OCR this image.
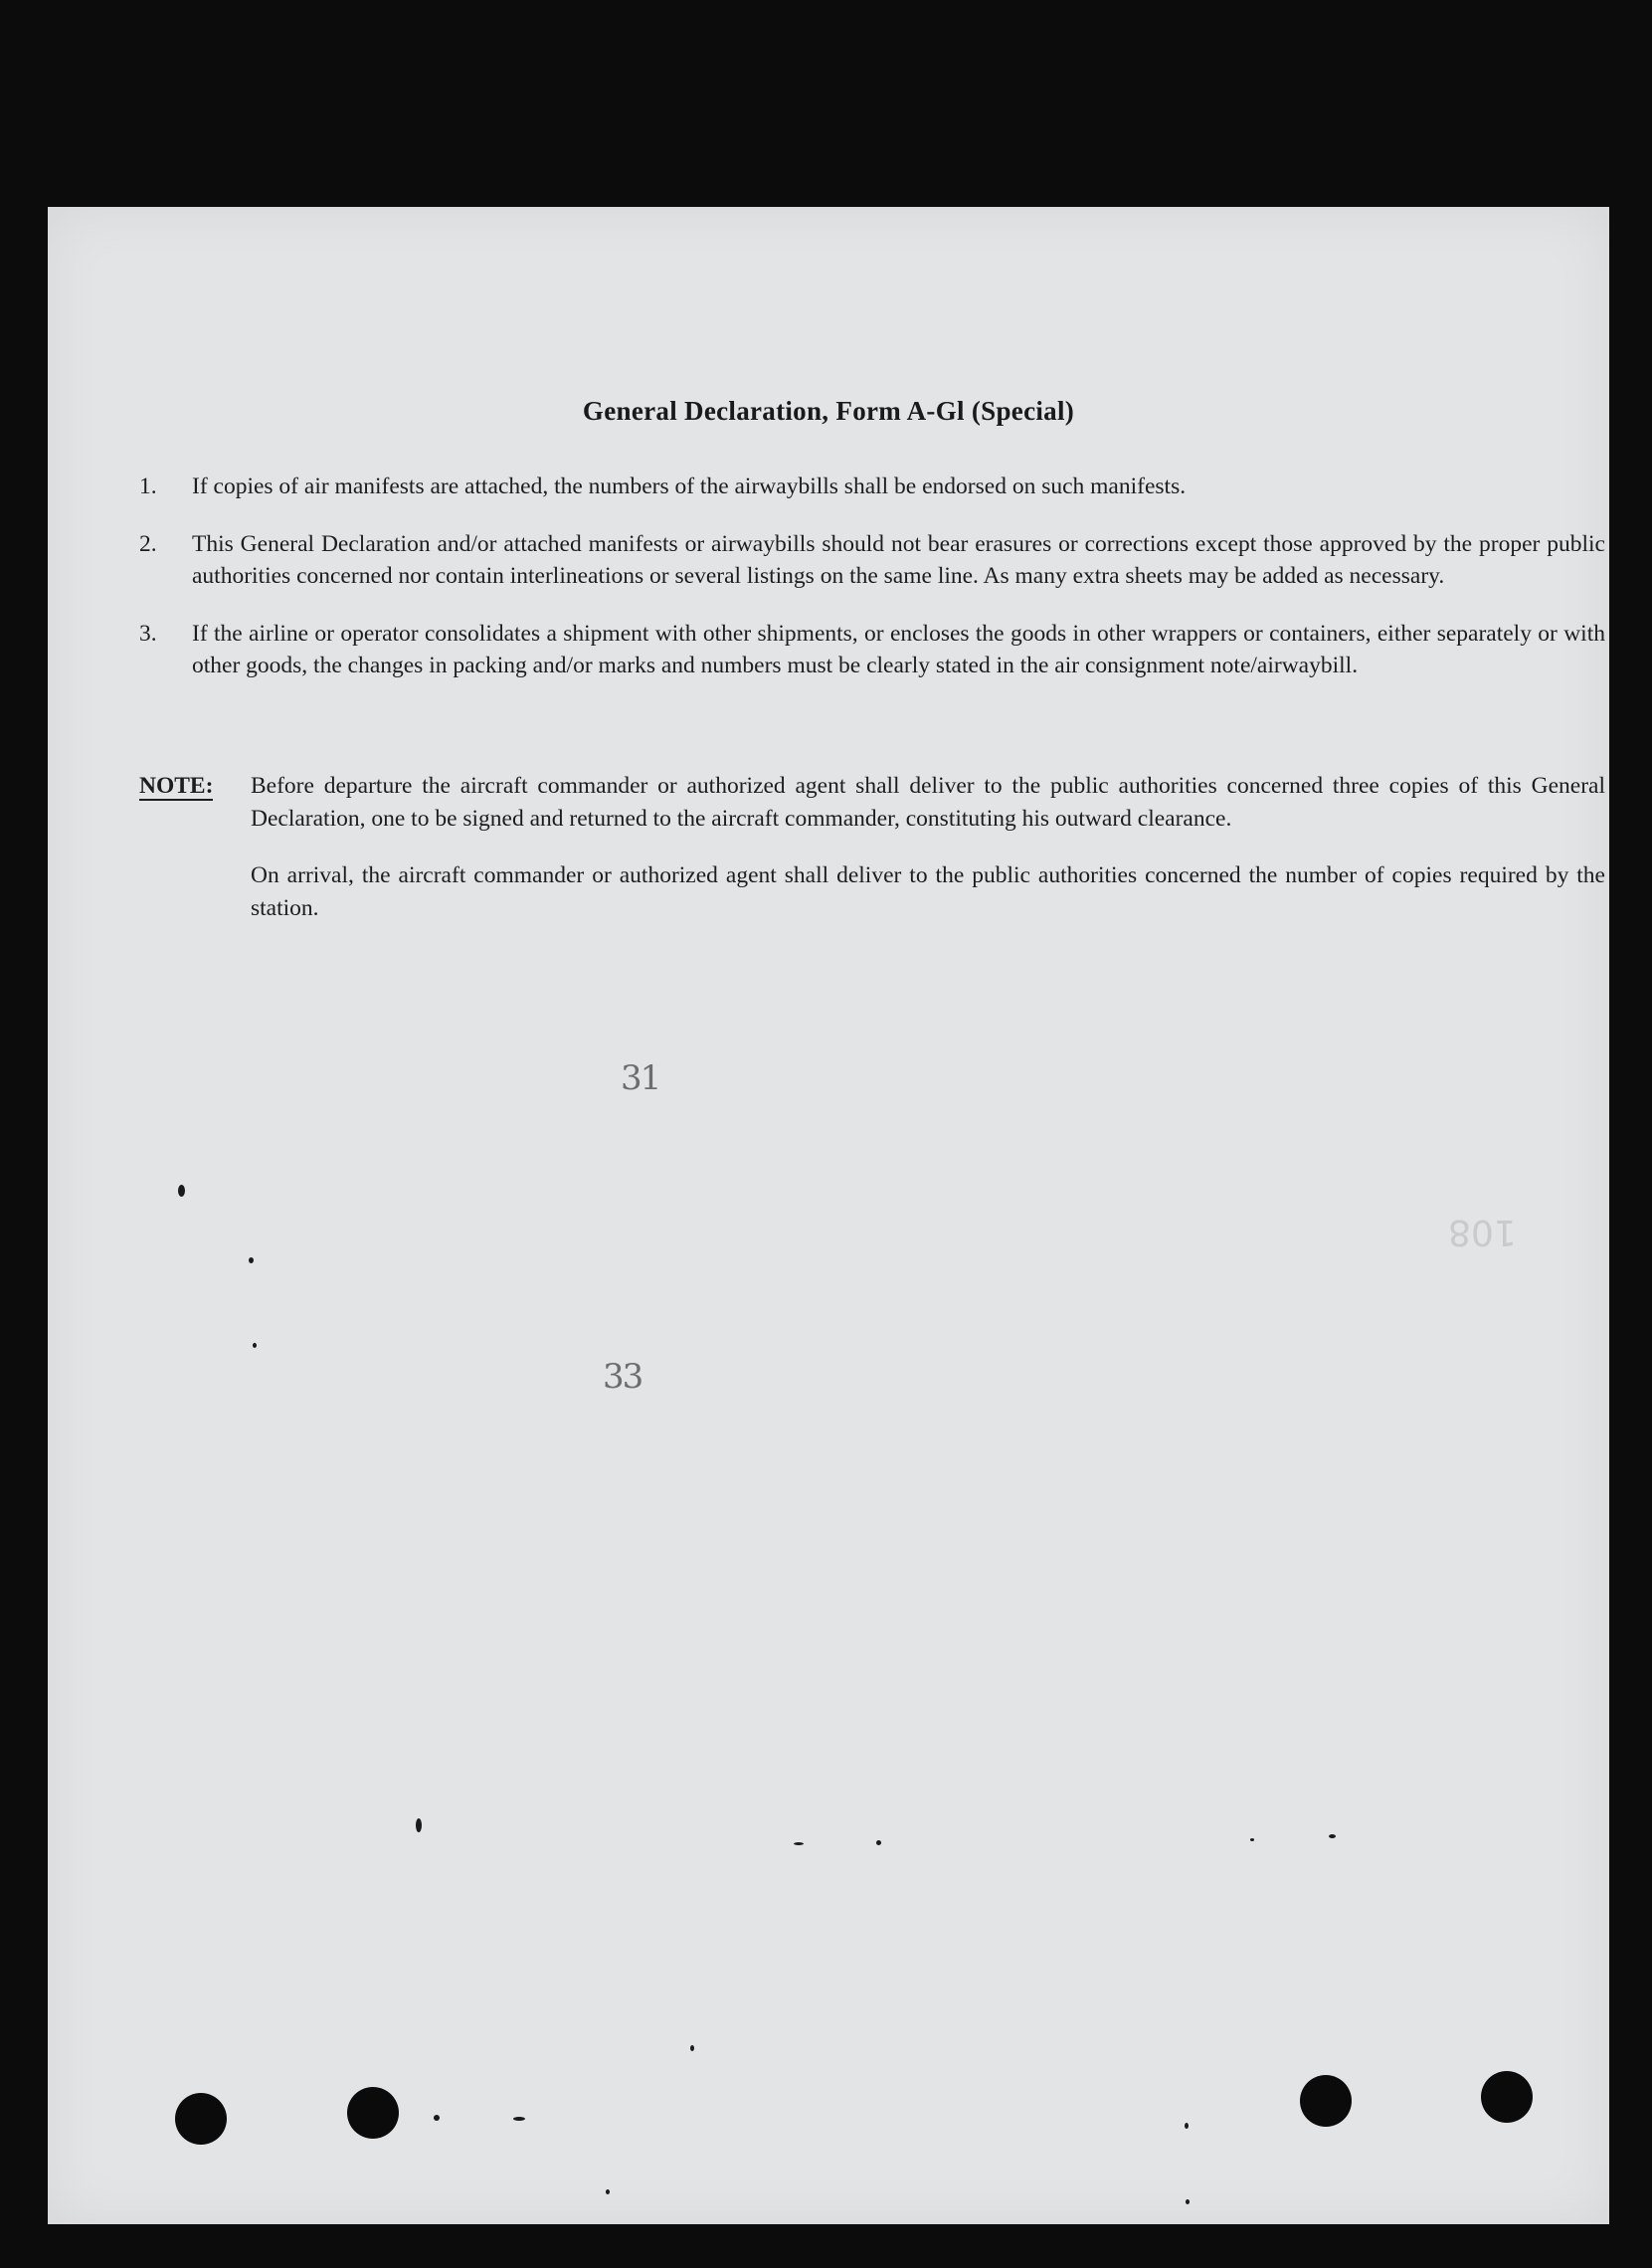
General Declaration, Form A-Gl (Special)
1.	If copies of air manifests are attached, the numbers of the airwaybills shall be endorsed on such manifests.
2.	This General Declaration and/or attached manifests or airwaybills should not bear erasures or corrections except those approved by the proper public authorities concerned nor contain interlineations or several listings on the same line. As many extra sheets may be added as necessary.
3.	If the airline or operator consolidates a shipment with other shipments, or encloses the goods in other wrappers or containers, either separately or with other goods, the changes in packing and/or marks and numbers must be clearly stated in the air consignment note/airwaybill.
NOTE:	Before departure the aircraft commander or authorized agent shall deliver to the public authorities concerned three copies of this General Declaration, one to be signed and returned to the aircraft commander, constituting his outward clearance.

On arrival, the aircraft commander or authorized agent shall deliver to the public authorities concerned the number of copies required by the station.

31
33
108
